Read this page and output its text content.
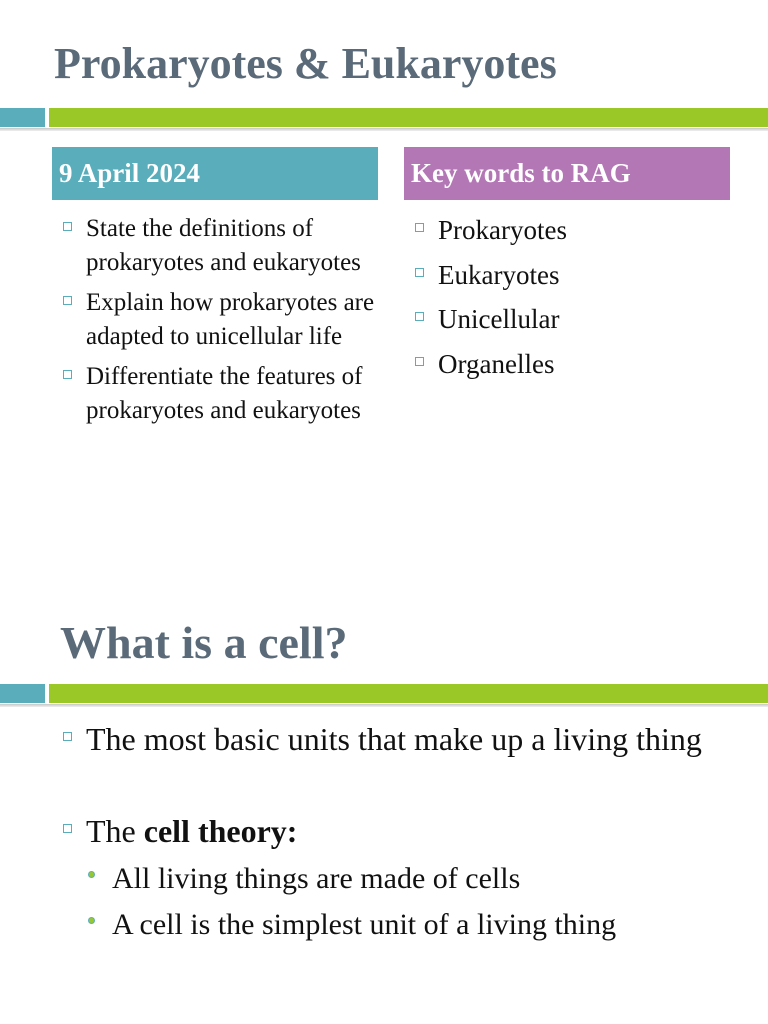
Prokaryotes & Eukaryotes
9 April 2024	Key words to RAG
State the definitions of prokaryotes and eukaryotes
Explain how prokaryotes are adapted to unicellular life
Differentiate the features of prokaryotes and eukaryotes
Prokaryotes
Eukaryotes
Unicellular
Organelles
What is a cell?
The most basic units that make up a living thing
The cell theory:
All living things are made of cells
A cell is the simplest unit of a living thing
